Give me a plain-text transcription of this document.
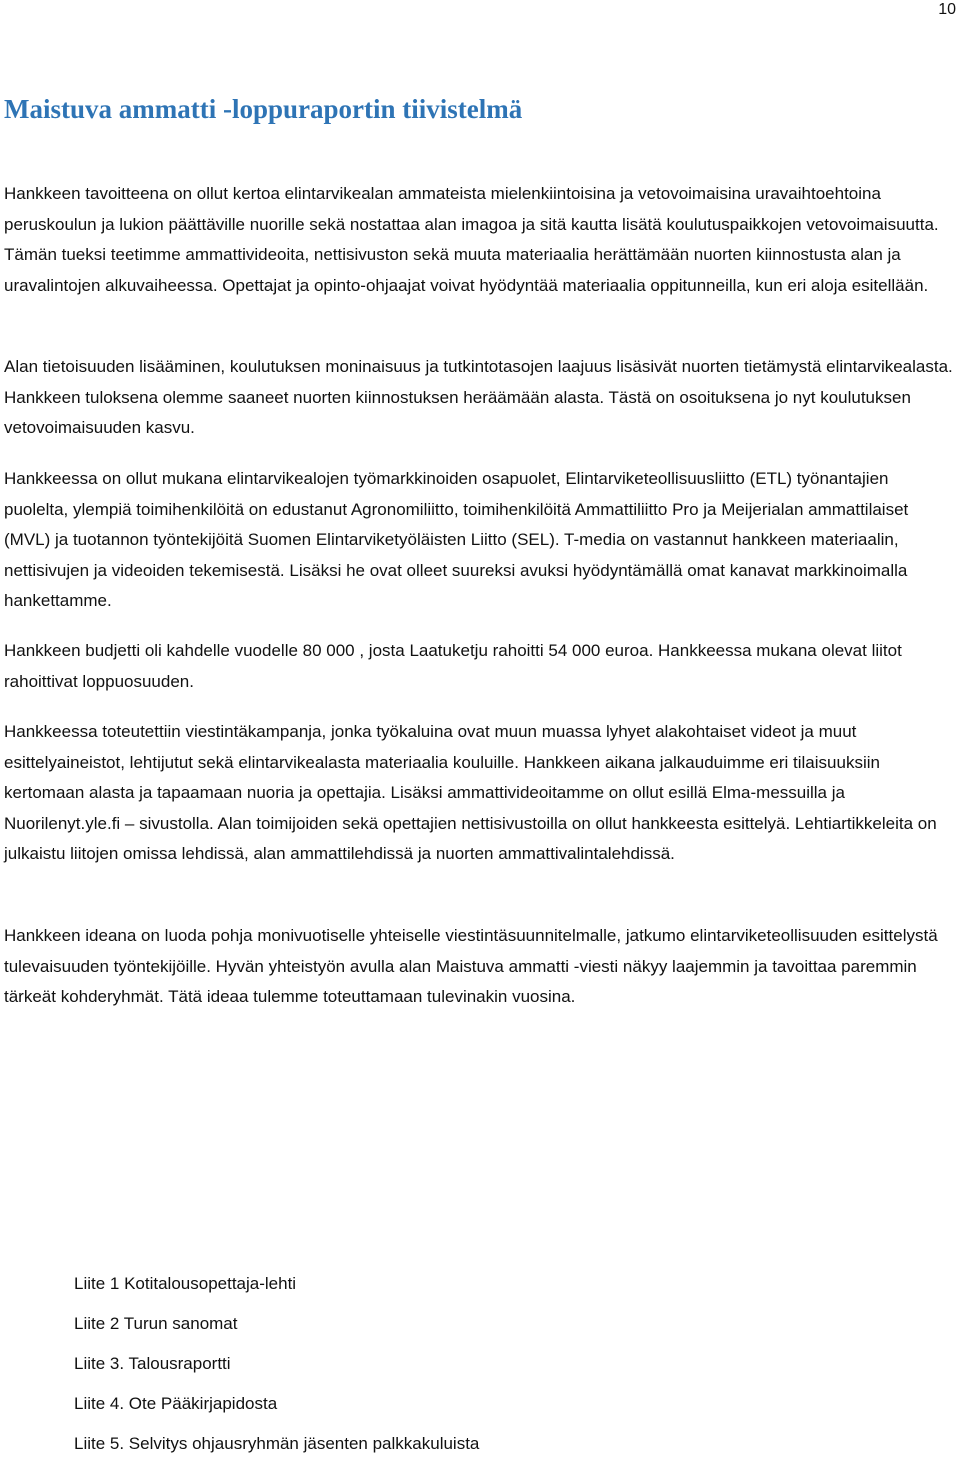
10
Maistuva ammatti -loppuraportin tiivistelmä

Hankkeen tavoitteena on ollut kertoa elintarvikealan ammateista mielenkiintoisina ja vetovoimaisina uravaihtoehtoina peruskoulun ja lukion päättäville nuorille sekä nostattaa alan imagoa ja sitä kautta lisätä koulutuspaikkojen vetovoimaisuutta. Tämän tueksi teetimme ammattivideoita, nettisivuston sekä muuta materiaalia herättämään nuorten kiinnostusta alan ja uravalintojen alkuvaiheessa. Opettajat ja opinto-ohjaajat voivat hyödyntää materiaalia oppitunneilla, kun eri aloja esitellään.

Alan tietoisuuden lisääminen, koulutuksen moninaisuus ja tutkintotasojen laajuus lisäsivät nuorten tietämystä elintarvikealasta. Hankkeen tuloksena olemme saaneet nuorten kiinnostuksen heräämään alasta. Tästä on osoituksena jo nyt koulutuksen vetovoimaisuuden kasvu.

Hankkeessa on ollut mukana elintarvikealojen työmarkkinoiden osapuolet, Elintarviketeollisuusliitto (ETL) työnantajien puolelta, ylempiä toimihenkilöitä on edustanut Agronomiliitto, toimihenkilöitä Ammattiliitto Pro ja Meijerialan ammattilaiset (MVL) ja tuotannon työntekijöitä Suomen Elintarviketyöläisten Liitto (SEL). T-media on vastannut hankkeen materiaalin, nettisivujen ja videoiden tekemisestä. Lisäksi he ovat olleet suureksi avuksi hyödyntämällä omat kanavat markkinoimalla hankettamme.

Hankkeen budjetti oli kahdelle vuodelle 80 000 , josta Laatuketju rahoitti 54 000 euroa. Hankkeessa mukana olevat liitot rahoittivat loppuosuuden.

Hankkeessa toteutettiin viestintäkampanja, jonka työkaluina ovat muun muassa lyhyet alakohtaiset videot ja muut esittelyaineistot, lehtijutut sekä elintarvikealasta materiaalia kouluille. Hankkeen aikana jalkauduimme eri tilaisuuksiin kertomaan alasta ja tapaamaan nuoria ja opettajia. Lisäksi ammattivideoitamme on ollut esillä Elma-messuilla ja Nuorilenyt.yle.fi – sivustolla. Alan toimijoiden sekä opettajien nettisivustoilla on ollut hankkeesta esittelyä. Lehtiartikkeleita on julkaistu liitojen omissa lehdissä, alan ammattilehdissä ja nuorten ammattivalintalehdissä.

Hankkeen ideana on luoda pohja monivuotiselle yhteiselle viestintäsuunnitelmalle, jatkumo elintarviketeollisuuden esittelystä tulevaisuuden työntekijöille. Hyvän yhteistyön avulla alan Maistuva ammatti -viesti näkyy laajemmin ja tavoittaa paremmin tärkeät kohderyhmät. Tätä ideaa tulemme toteuttamaan tulevinakin vuosina.

Liite 1 Kotitalousopettaja-lehti
Liite 2 Turun sanomat
Liite 3. Talousraportti
Liite 4. Ote Pääkirjapidosta
Liite 5. Selvitys ohjausryhmän jäsenten palkkakuluista
